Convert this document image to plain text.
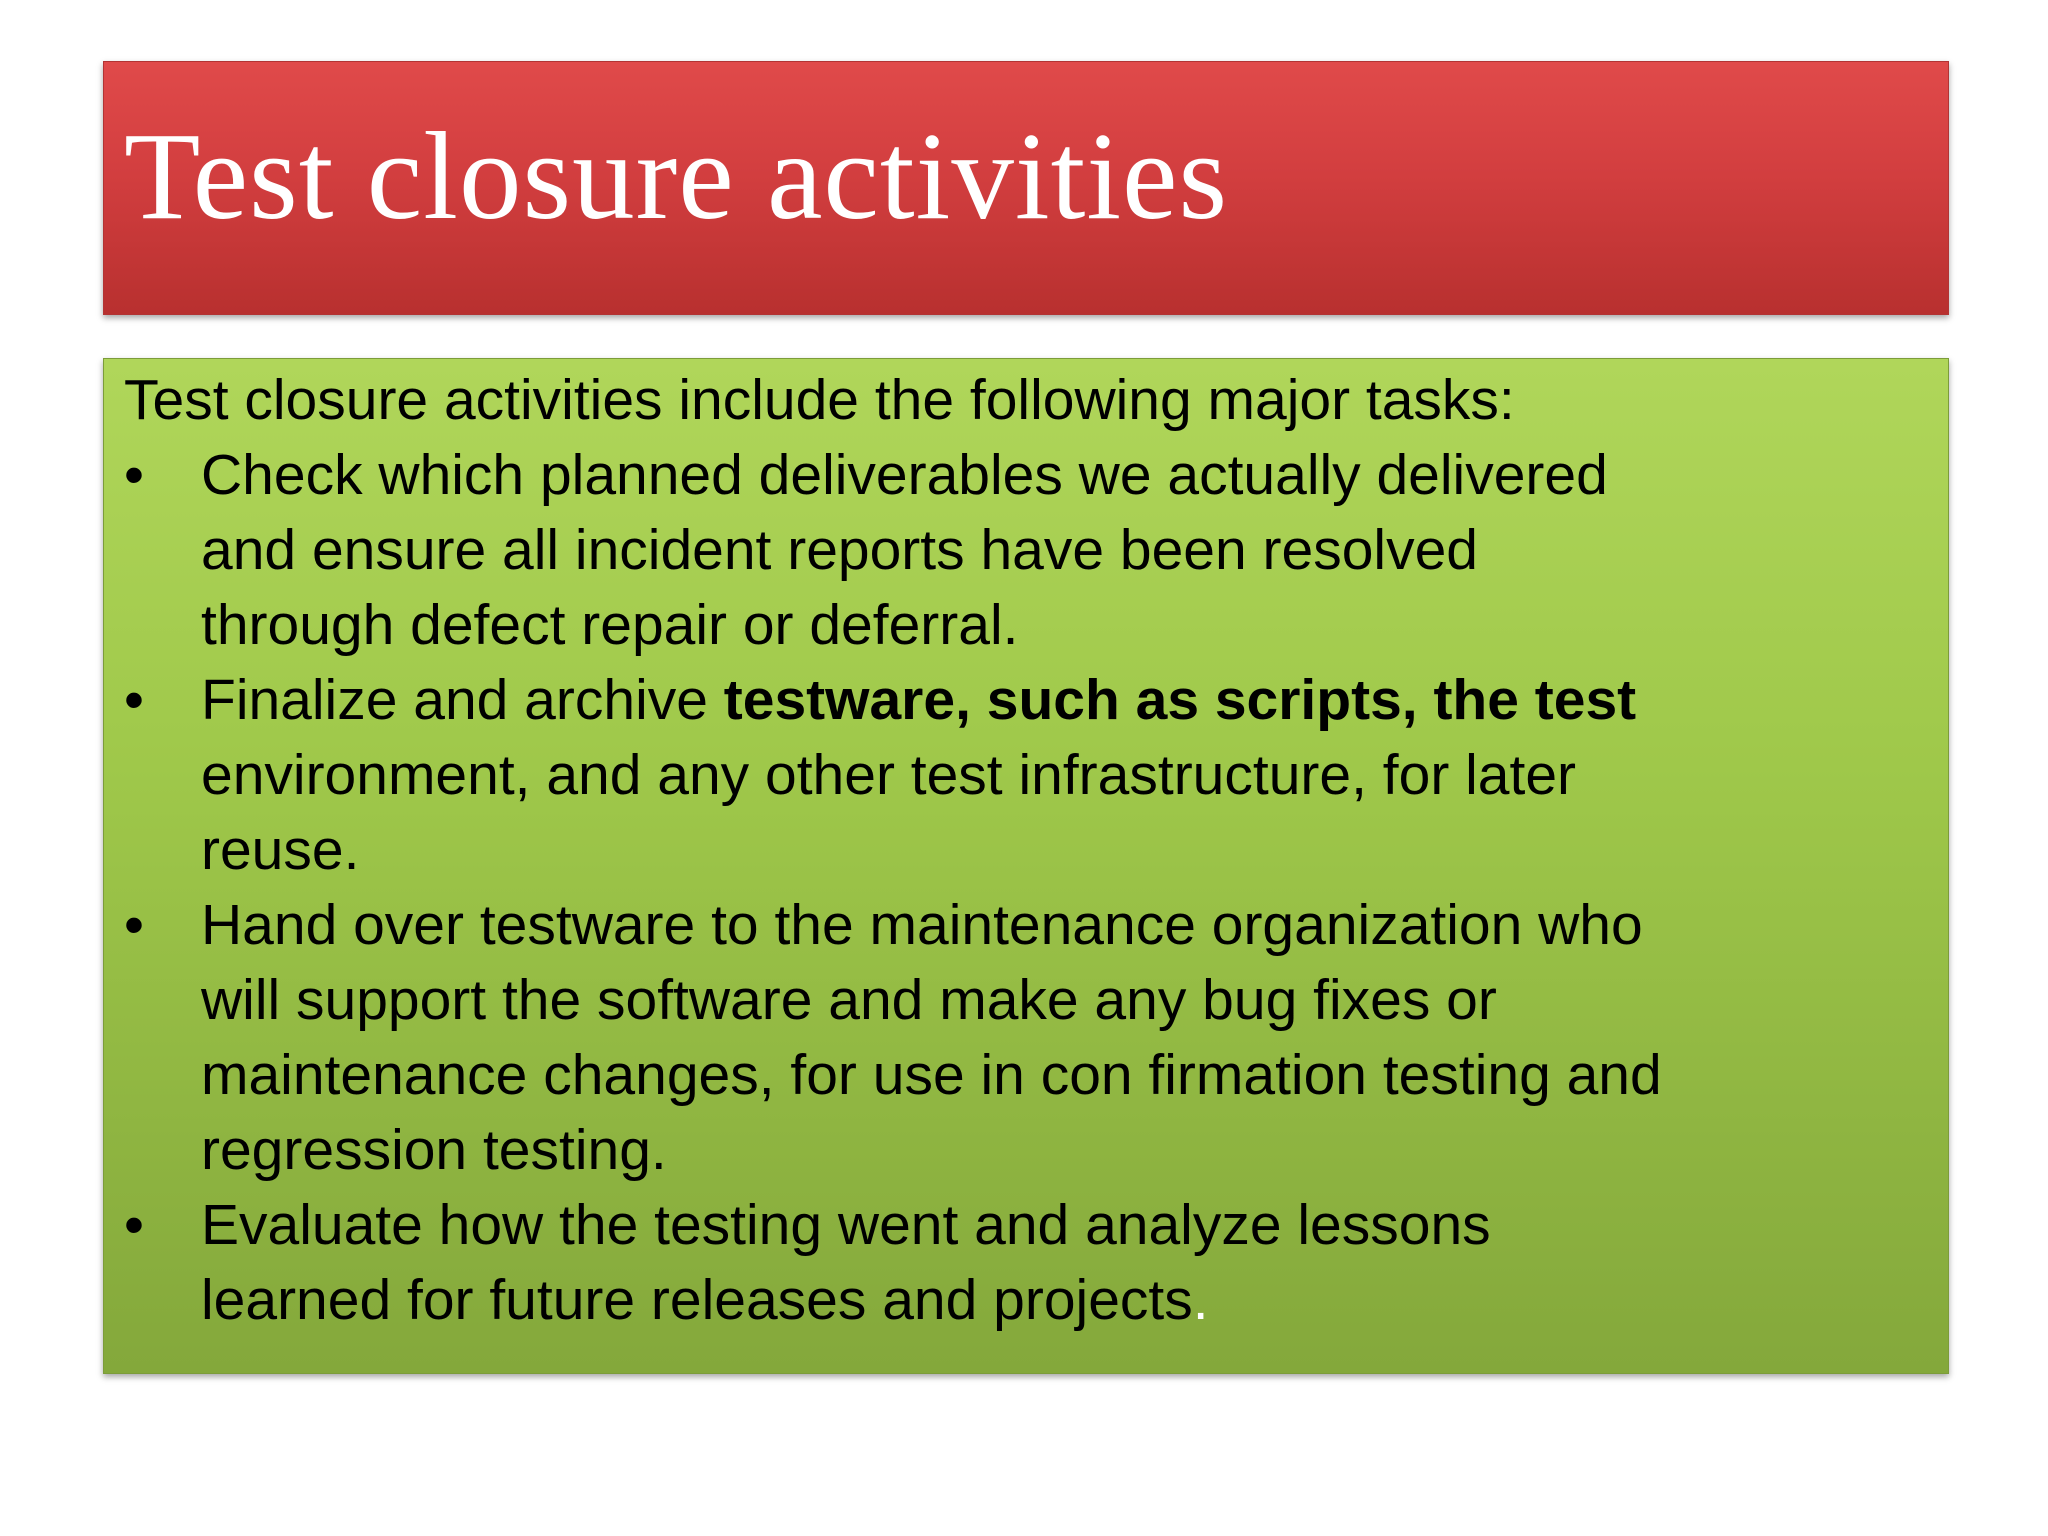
Test closure activities

Test closure activities include the following major tasks:

•	Check which planned deliverables we actually delivered
and ensure all incident reports have been resolved
through defect repair or deferral.
•	Finalize and archive testware, such as scripts, the test
environment, and any other test infrastructure, for later
reuse.
•	Hand over testware to the maintenance organization who
will support the software and make any bug fixes or
maintenance changes, for use in con firmation testing and
regression testing.
•	Evaluate how the testing went and analyze lessons
learned for future releases and projects.
